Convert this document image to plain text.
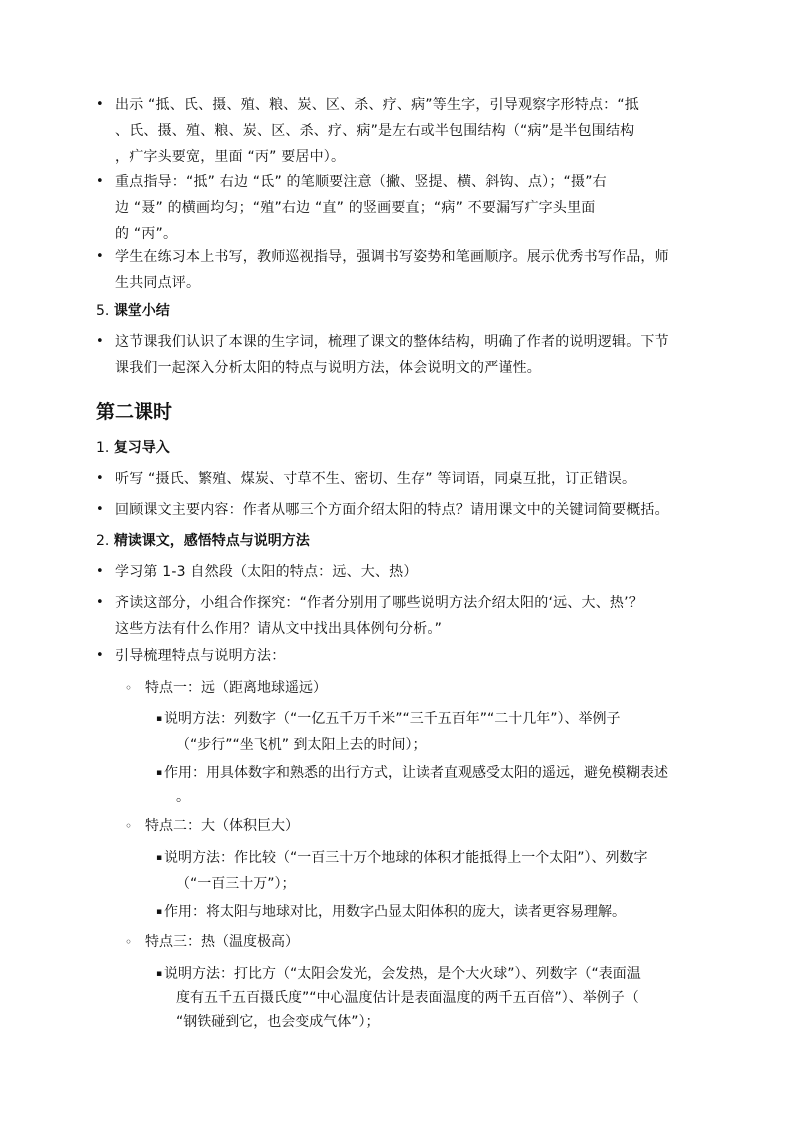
• 出示 “抵、氏、摄、殖、粮、炭、区、杀、疗、病”等生字，引导观察字形特点：“抵
、氏、摄、殖、粮、炭、区、杀、疗、病”是左右或半包围结构（“病”是半包围结构
，疒字头要宽，里面 “丙” 要居中）。
• 重点指导：“抵” 右边 “氐” 的笔顺要注意（撇、竖提、横、斜钩、点）；“摄”右
边 “聂” 的横画均匀；“殖”右边 “直” 的竖画要直；“病” 不要漏写疒字头里面
的 “丙”。
• 学生在练习本上书写，教师巡视指导，强调书写姿势和笔画顺序。展示优秀书写作品，师
生共同点评。
5. 课堂小结
• 这节课我们认识了本课的生字词，梳理了课文的整体结构，明确了作者的说明逻辑。下节
课我们一起深入分析太阳的特点与说明方法，体会说明文的严谨性。
第二课时
1. 复习导入
• 听写 “摄氏、繁殖、煤炭、寸草不生、密切、生存” 等词语，同桌互批，订正错误。
• 回顾课文主要内容：作者从哪三个方面介绍太阳的特点？请用课文中的关键词简要概括。
2. 精读课文，感悟特点与说明方法
• 学习第 1-3 自然段（太阳的特点：远、大、热）
• 齐读这部分，小组合作探究：“作者分别用了哪些说明方法介绍太阳的‘远、大、热’？
这些方法有什么作用？请从文中找出具体例句分析。”
• 引导梳理特点与说明方法：
◦ 特点一：远（距离地球遥远）
▪ 说明方法：列数字（“一亿五千万千米”“三千五百年”“二十几年”）、举例子
（“步行”“坐飞机” 到太阳上去的时间）；
▪ 作用：用具体数字和熟悉的出行方式，让读者直观感受太阳的遥远，避免模糊表述
。
◦ 特点二：大（体积巨大）
▪ 说明方法：作比较（“一百三十万个地球的体积才能抵得上一个太阳”）、列数字
（“一百三十万”）；
▪ 作用：将太阳与地球对比，用数字凸显太阳体积的庞大，读者更容易理解。
◦ 特点三：热（温度极高）
▪ 说明方法：打比方（“太阳会发光，会发热，是个大火球”）、列数字（“表面温
度有五千五百摄氏度”“中心温度估计是表面温度的两千五百倍”）、举例子（
“钢铁碰到它，也会变成气体”）；
